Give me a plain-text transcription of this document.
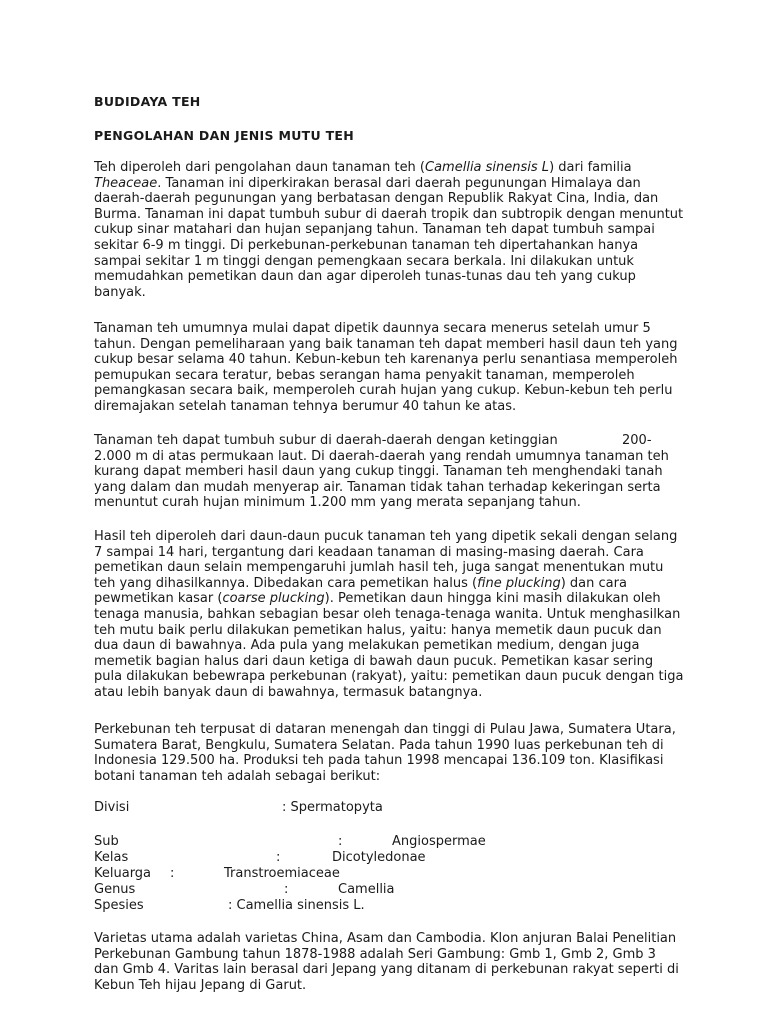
BUDIDAYA TEH
PENGOLAHAN DAN JENIS MUTU TEH

Teh diperoleh dari pengolahan daun tanaman teh (Camellia sinensis L) dari familia Theaceae. Tanaman ini diperkirakan berasal dari daerah pegunungan Himalaya dan daerah-daerah pegunungan yang berbatasan dengan Republik Rakyat Cina, India, dan Burma. Tanaman ini dapat tumbuh subur di daerah tropik dan subtropik dengan menuntut cukup sinar matahari dan hujan sepanjang tahun. Tanaman teh dapat tumbuh sampai sekitar 6-9 m tinggi. Di perkebunan-perkebunan tanaman teh dipertahankan hanya sampai sekitar 1 m tinggi dengan pemengkaan secara berkala. Ini dilakukan untuk memudahkan pemetikan daun dan agar diperoleh tunas-tunas dau teh yang cukup banyak.

Tanaman teh umumnya mulai dapat dipetik daunnya secara menerus setelah umur 5 tahun. Dengan pemeliharaan yang baik tanaman teh dapat memberi hasil daun teh yang cukup besar selama 40 tahun. Kebun-kebun teh karenanya perlu senantiasa memperoleh pemupukan secara teratur, bebas serangan hama penyakit tanaman, memperoleh pemangkasan secara baik, memperoleh curah hujan yang cukup. Kebun-kebun teh perlu diremajakan setelah tanaman tehnya berumur 40 tahun ke atas.

Tanaman teh dapat tumbuh subur di daerah-daerah dengan ketinggian	200-

2.000 m di atas permukaan laut. Di daerah-daerah yang rendah umumnya tanaman teh kurang dapat memberi hasil daun yang cukup tinggi. Tanaman teh menghendaki tanah yang dalam dan mudah menyerap air. Tanaman tidak tahan terhadap kekeringan serta menuntut curah hujan minimum 1.200 mm yang merata sepanjang tahun.

Hasil teh diperoleh dari daun-daun pucuk tanaman teh yang dipetik sekali dengan selang 7 sampai 14 hari, tergantung dari keadaan tanaman di masing-masing daerah. Cara pemetikan daun selain mempengaruhi jumlah hasil teh, juga sangat menentukan mutu teh yang dihasilkannya. Dibedakan cara pemetikan halus (fine plucking) dan cara pewmetikan kasar (coarse plucking). Pemetikan daun hingga kini masih dilakukan oleh tenaga manusia, bahkan sebagian besar oleh tenaga-tenaga wanita. Untuk menghasilkan teh mutu baik perlu dilakukan pemetikan halus, yaitu: hanya memetik daun pucuk dan dua daun di bawahnya. Ada pula yang melakukan pemetikan medium, dengan juga memetik bagian halus dari daun ketiga di bawah daun pucuk. Pemetikan kasar sering pula dilakukan bebewrapa perkebunan (rakyat), yaitu: pemetikan daun pucuk dengan tiga atau lebih banyak daun di bawahnya, termasuk batangnya.

Perkebunan teh terpusat di dataran menengah dan tinggi di Pulau Jawa, Sumatera Utara, Sumatera Barat, Bengkulu, Sumatera Selatan. Pada tahun 1990 luas perkebunan teh di Indonesia 129.500 ha. Produksi teh pada tahun 1998 mencapai 136.109 ton. Klasifikasi botani tanaman teh adalah sebagai berikut:

Divisi	: Spermatopyta
Sub	:	Angiospermae
Kelas	:	Dicotyledonae
Keluarga :	Transtroemiaceae
Genus	:	Camellia
Spesies	: Camellia sinensis L.

Varietas utama adalah varietas China, Asam dan Cambodia. Klon anjuran Balai Penelitian Perkebunan Gambung tahun 1878-1988 adalah Seri Gambung: Gmb 1, Gmb 2, Gmb 3 dan Gmb 4. Varitas lain berasal dari Jepang yang ditanam di perkebunan rakyat seperti di Kebun Teh hijau Jepang di Garut.
